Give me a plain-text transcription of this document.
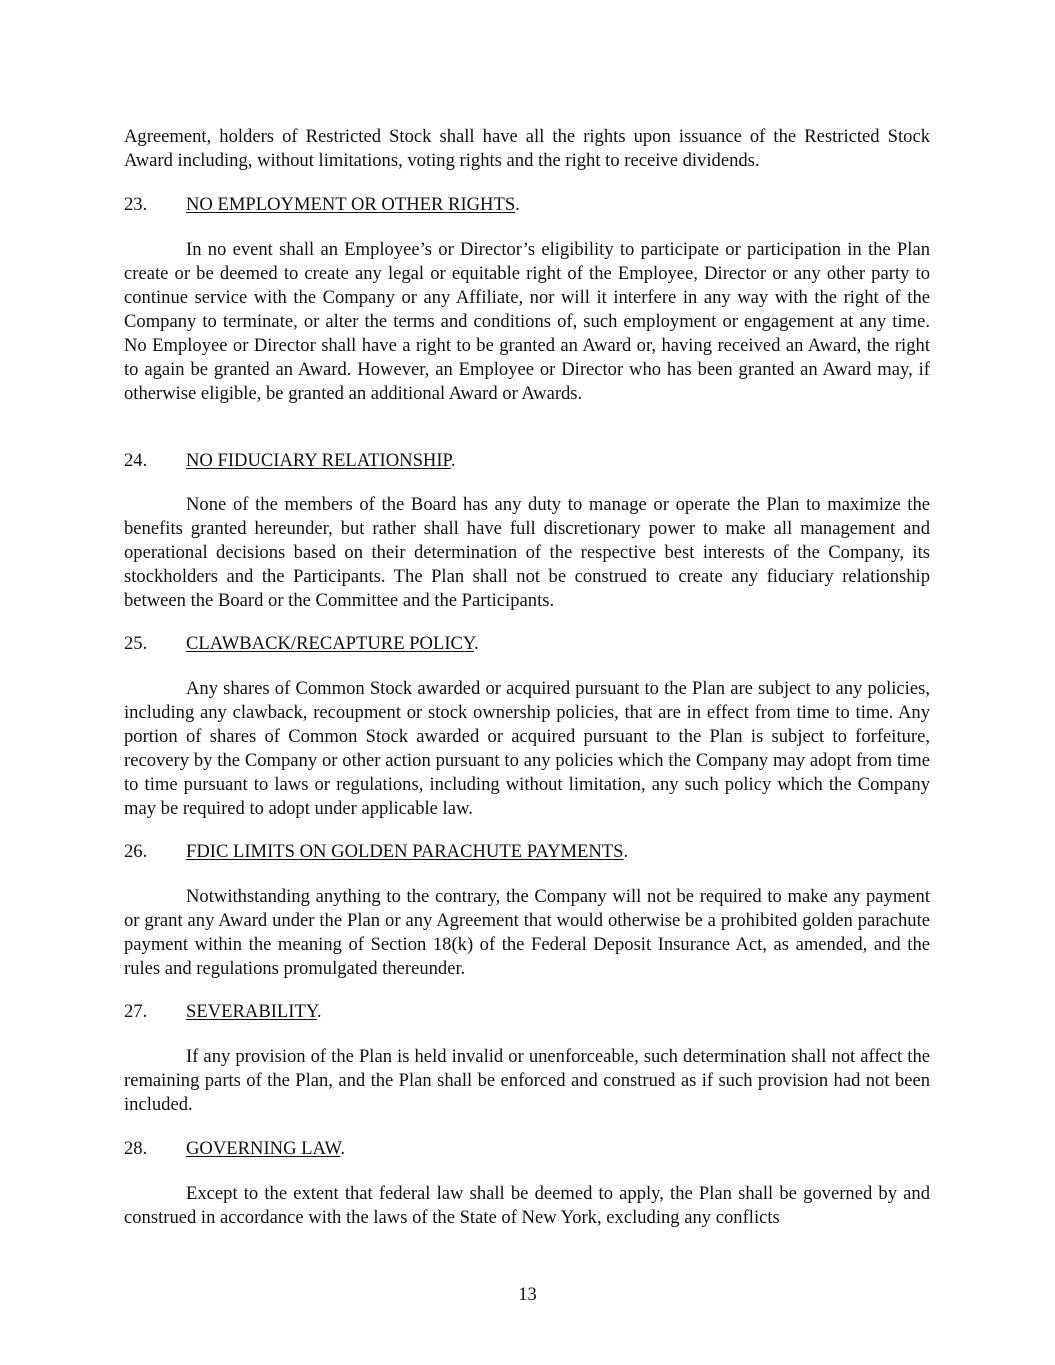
Agreement, holders of Restricted Stock shall have all the rights upon issuance of the Restricted Stock Award including, without limitations, voting rights and the right to receive dividends.

23. NO EMPLOYMENT OR OTHER RIGHTS.

In no event shall an Employee’s or Director’s eligibility to participate or participation in the Plan create or be deemed to create any legal or equitable right of the Employee, Director or any other party to continue service with the Company or any Affiliate, nor will it interfere in any way with the right of the Company to terminate, or alter the terms and conditions of, such employment or engagement at any time. No Employee or Director shall have a right to be granted an Award or, having received an Award, the right to again be granted an Award. However, an Employee or Director who has been granted an Award may, if otherwise eligible, be granted an additional Award or Awards.

24. NO FIDUCIARY RELATIONSHIP.

None of the members of the Board has any duty to manage or operate the Plan to maximize the benefits granted hereunder, but rather shall have full discretionary power to make all management and operational decisions based on their determination of the respective best interests of the Company, its stockholders and the Participants. The Plan shall not be construed to create any fiduciary relationship between the Board or the Committee and the Participants.

25. CLAWBACK/RECAPTURE POLICY.

Any shares of Common Stock awarded or acquired pursuant to the Plan are subject to any policies, including any clawback, recoupment or stock ownership policies, that are in effect from time to time. Any portion of shares of Common Stock awarded or acquired pursuant to the Plan is subject to forfeiture, recovery by the Company or other action pursuant to any policies which the Company may adopt from time to time pursuant to laws or regulations, including without limitation, any such policy which the Company may be required to adopt under applicable law.

26. FDIC LIMITS ON GOLDEN PARACHUTE PAYMENTS.

Notwithstanding anything to the contrary, the Company will not be required to make any payment or grant any Award under the Plan or any Agreement that would otherwise be a prohibited golden parachute payment within the meaning of Section 18(k) of the Federal Deposit Insurance Act, as amended, and the rules and regulations promulgated thereunder.

27. SEVERABILITY.

If any provision of the Plan is held invalid or unenforceable, such determination shall not affect the remaining parts of the Plan, and the Plan shall be enforced and construed as if such provision had not been included.

28. GOVERNING LAW.

Except to the extent that federal law shall be deemed to apply, the Plan shall be governed by and construed in accordance with the laws of the State of New York, excluding any conflicts

13
